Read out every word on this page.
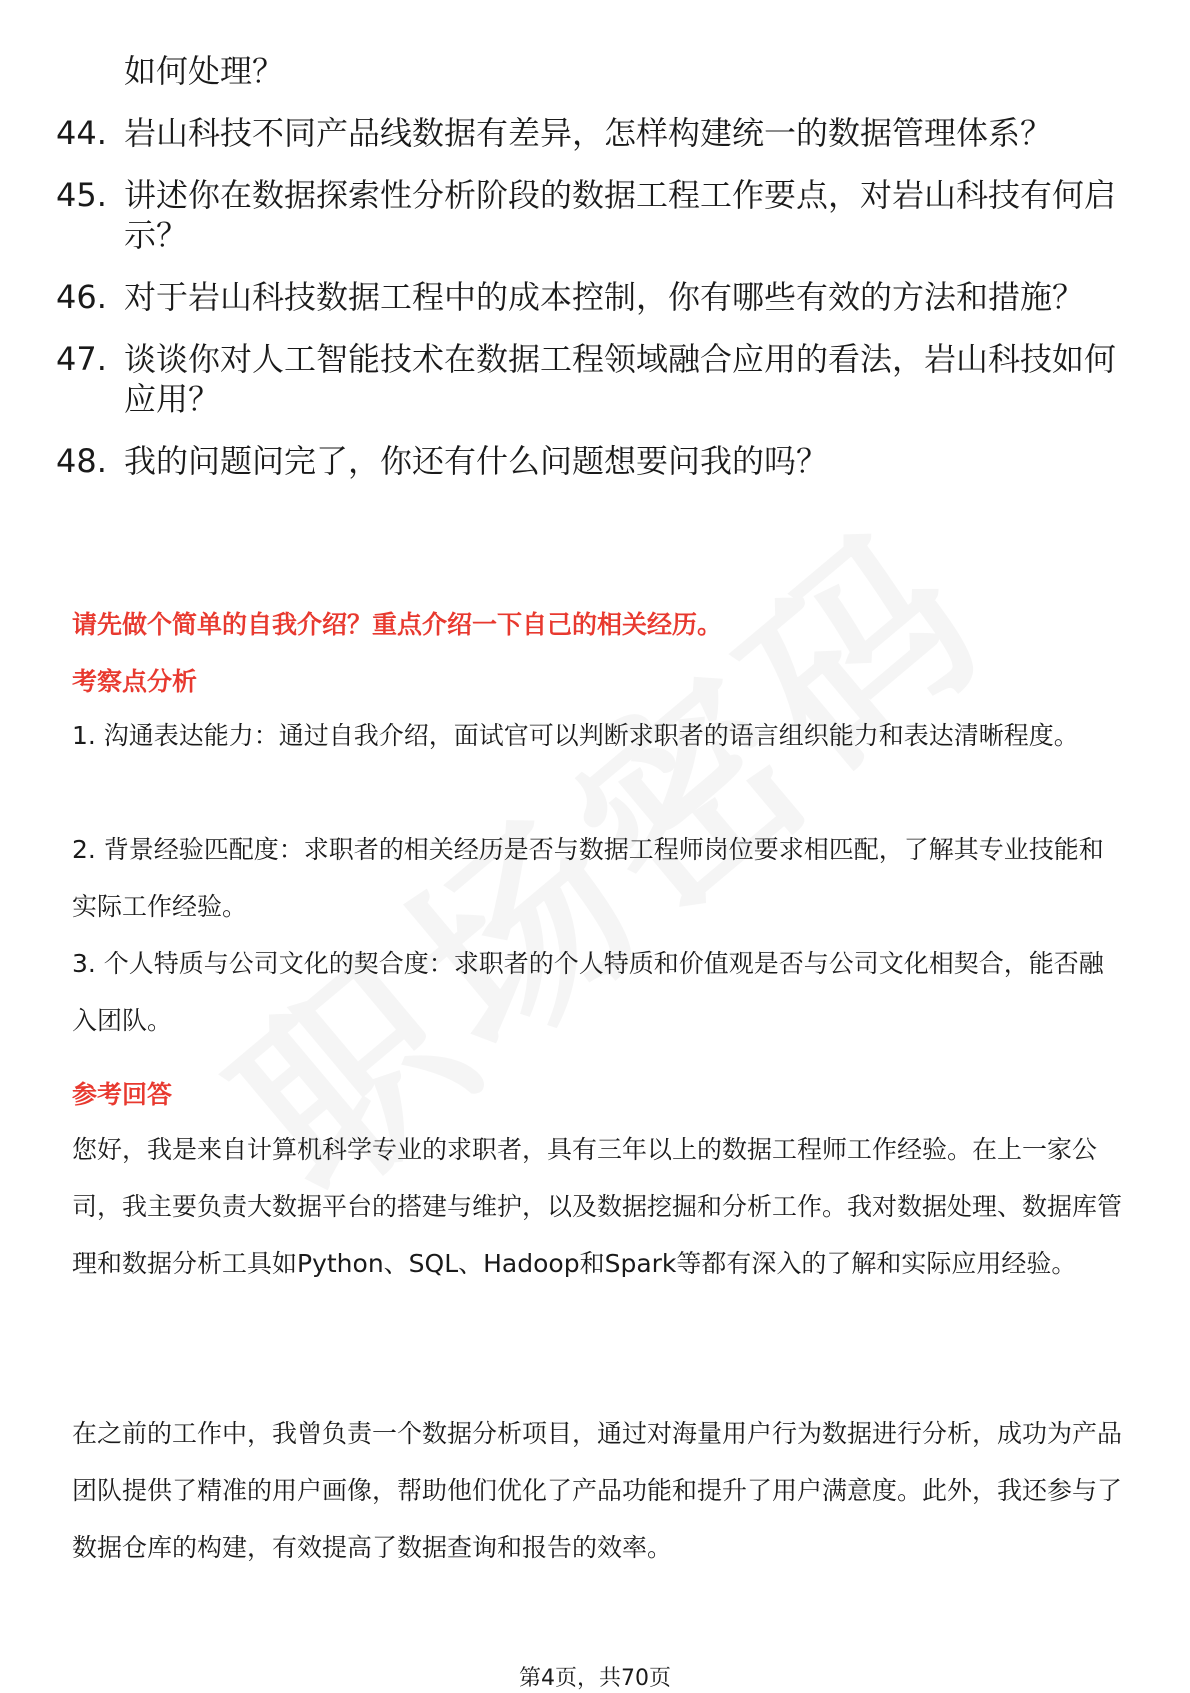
如何处理？
44. 岩山科技不同产品线数据有差异，怎样构建统一的数据管理体系？
45. 讲述你在数据探索性分析阶段的数据工程工作要点，对岩山科技有何启示？
46. 对于岩山科技数据工程中的成本控制，你有哪些有效的方法和措施？
47. 谈谈你对人工智能技术在数据工程领域融合应用的看法，岩山科技如何应用？
48. 我的问题问完了，你还有什么问题想要问我的吗？
请先做个简单的自我介绍？重点介绍一下自己的相关经历。
考察点分析

1. 沟通表达能力：通过自我介绍，面试官可以判断求职者的语言组织能力和表达清晰程度。

2. 背景经验匹配度：求职者的相关经历是否与数据工程师岗位要求相匹配，了解其专业技能和实际工作经验。

3. 个人特质与公司文化的契合度：求职者的个人特质和价值观是否与公司文化相契合，能否融入团队。

参考回答

您好，我是来自计算机科学专业的求职者，具有三年以上的数据工程师工作经验。在上一家公司，我主要负责大数据平台的搭建与维护，以及数据挖掘和分析工作。我对数据处理、数据库管理和数据分析工具如Python、SQL、Hadoop和Spark等都有深入的了解和实际应用经验。

在之前的工作中，我曾负责一个数据分析项目，通过对海量用户行为数据进行分析，成功为产品团队提供了精准的用户画像，帮助他们优化了产品功能和提升了用户满意度。此外，我还参与了数据仓库的构建，有效提高了数据查询和报告的效率。

第4页，共70页
